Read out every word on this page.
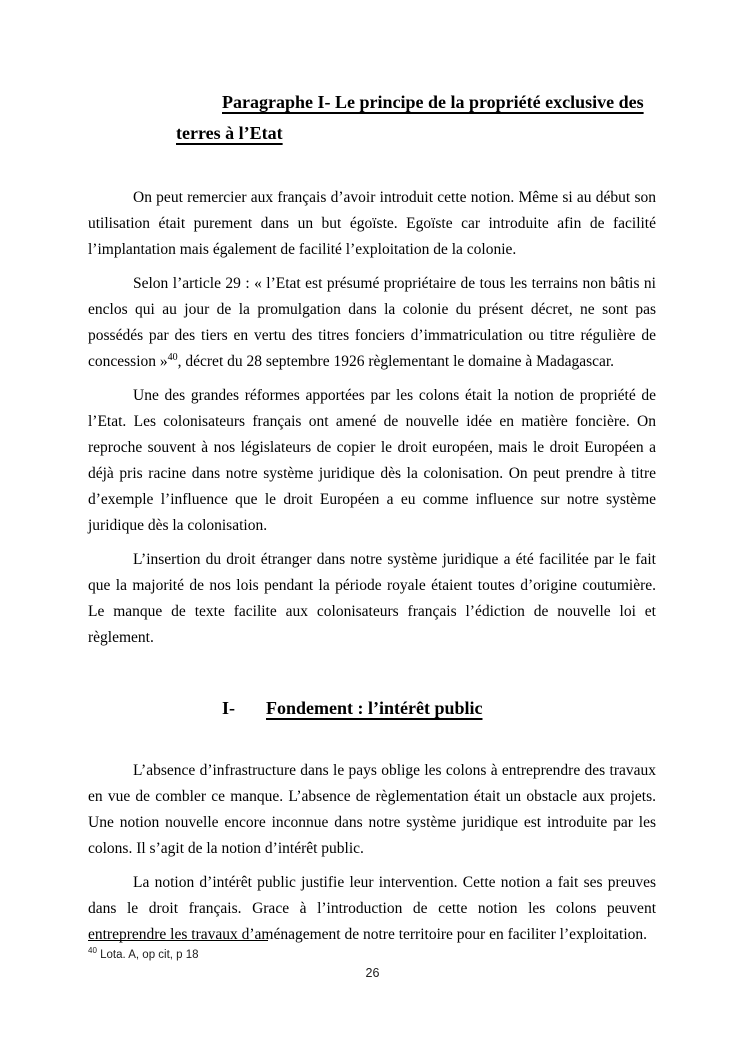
Paragraphe I- Le principe de la propriété exclusive des
terres à l’Etat

On peut remercier aux français d’avoir introduit cette notion. Même si au début son utilisation était purement dans un but égoïste. Egoïste car introduite afin de facilité l’implantation mais également de facilité l’exploitation de la colonie.

Selon l’article 29 : « l’Etat est présumé propriétaire de tous les terrains non bâtis ni enclos qui au jour de la promulgation dans la colonie du présent décret, ne sont pas possédés par des tiers en vertu des titres fonciers d’immatriculation ou titre régulière de concession »$^{40}$, décret du 28 septembre 1926 règlementant le domaine à Madagascar.

Une des grandes réformes apportées par les colons était la notion de propriété de l’Etat. Les colonisateurs français ont amené de nouvelle idée en matière foncière. On reproche souvent à nos législateurs de copier le droit européen, mais le droit Européen a déjà pris racine dans notre système juridique dès la colonisation. On peut prendre à titre d’exemple l’influence que le droit Européen a eu comme influence sur notre système juridique dès la colonisation.

L’insertion du droit étranger dans notre système juridique a été facilitée par le fait que la majorité de nos lois pendant la période royale étaient toutes d’origine coutumière. Le manque de texte facilite aux colonisateurs français l’édiction de nouvelle loi et règlement.

I-	Fondement : l’intérêt public

L’absence d’infrastructure dans le pays oblige les colons à entreprendre des travaux en vue de combler ce manque. L’absence de règlementation était un obstacle aux projets. Une notion nouvelle encore inconnue dans notre système juridique est introduite par les colons. Il s’agit de la notion d’intérêt public.

La notion d’intérêt public justifie leur intervention. Cette notion a fait ses preuves dans le droit français. Grace à l’introduction de cette notion les colons peuvent entreprendre les travaux d’aménagement de notre territoire pour en faciliter l’exploitation.

$^{40}$ Lota. A, op cit, p 18
26
